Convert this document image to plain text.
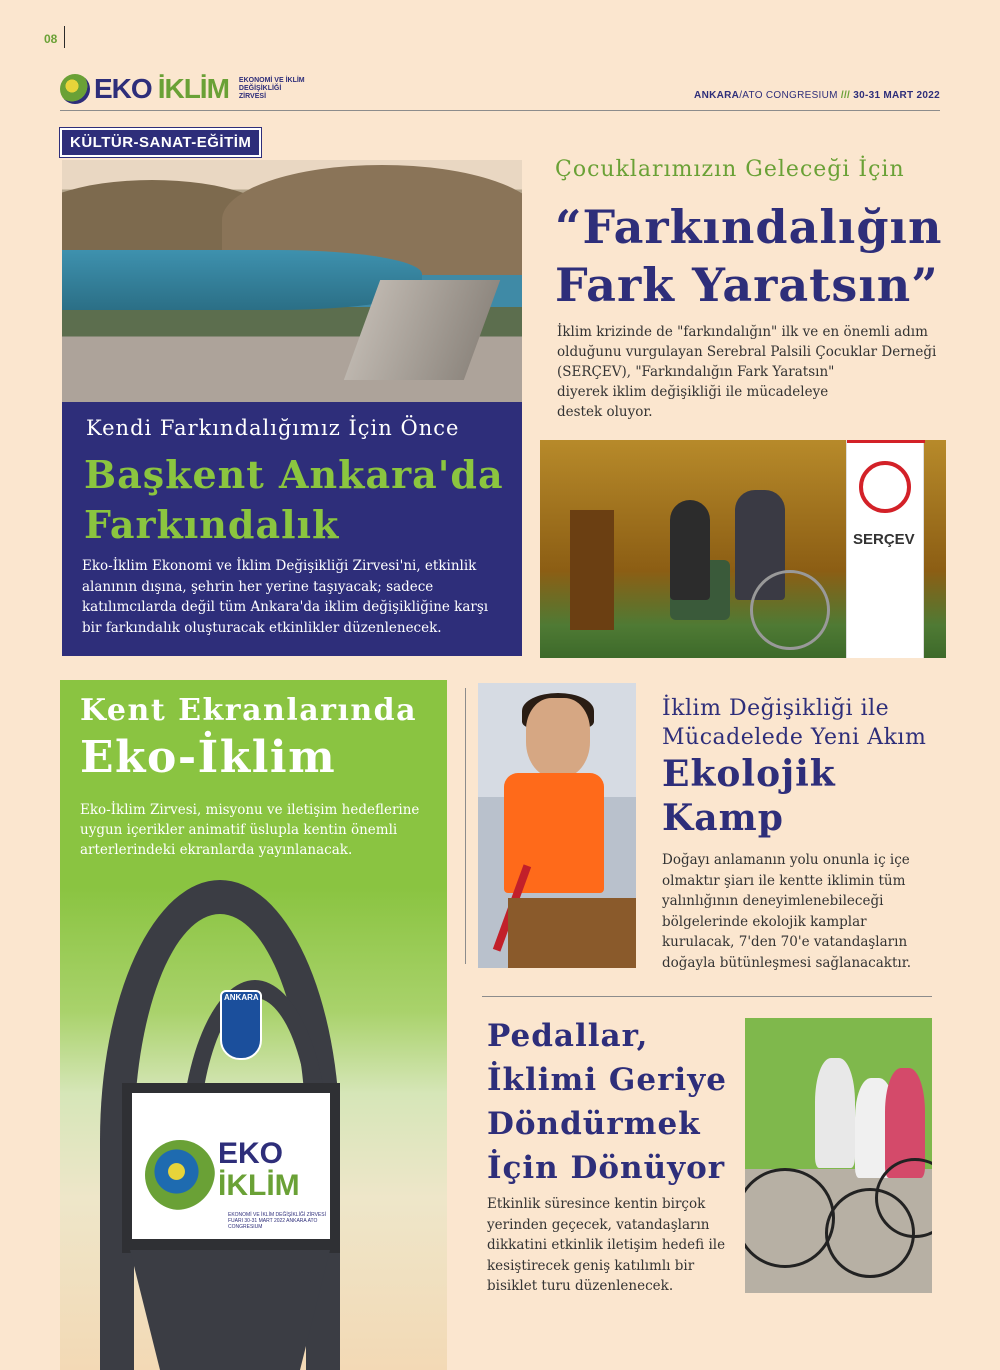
08
EKO İKLİM EKONOMİ VE İKLİM DEĞİŞİKLİĞİ ZİRVESİ	ANKARA/ATO CONGRESIUM /// 30-31 MART 2022
KÜLTÜR-SANAT-EĞİTİM
Kendi Farkındalığımız İçin Önce
Başkent Ankara'da Farkındalık
Eko-İklim Ekonomi ve İklim Değişikliği Zirvesi'ni, etkinlik alanının dışına, şehrin her yerine taşıyacak; sadece katılımcılarda değil tüm Ankara'da iklim değişikliğine karşı bir farkındalık oluşturacak etkinlikler düzenlenecek.
Çocuklarımızın Geleceği İçin
“Farkındalığın
Fark Yaratsın”
İklim krizinde de "farkındalığın" ilk ve en önemli adım olduğunu vurgulayan Serebral Palsili Çocuklar Derneği (SERÇEV), "Farkındalığın Fark Yaratsın"
diyerek iklim değişikliği ile mücadeleye destek oluyor.
SERÇEV
Kent Ekranlarında
Eko-İklim
Eko-İklim Zirvesi, misyonu ve iletişim hedeflerine uygun içerikler animatif üslupla kentin önemli arterlerindeki ekranlarda yayınlanacak.
ANKARA
EKO
İKLİM
EKONOMİ VE İKLİM DEĞİŞİKLİĞİ ZİRVESİ FUARI 30-31 MART 2022 ANKARA ATO CONGRESIUM
İklim Değişikliği ile Mücadelede Yeni Akım
Ekolojik
Kamp
Doğayı anlamanın yolu onunla iç içe olmaktır şiarı ile kentte iklimin tüm yalınlığının deneyimlenebileceği bölgelerinde ekolojik kamplar kurulacak, 7'den 70'e vatandaşların doğayla bütünleşmesi sağlanacaktır.
Pedallar, İklimi Geriye Döndürmek İçin Dönüyor
Etkinlik süresince kentin birçok yerinden geçecek, vatandaşların dikkatini etkinlik iletişim hedefi ile kesiştirecek geniş katılımlı bir bisiklet turu düzenlenecek.
